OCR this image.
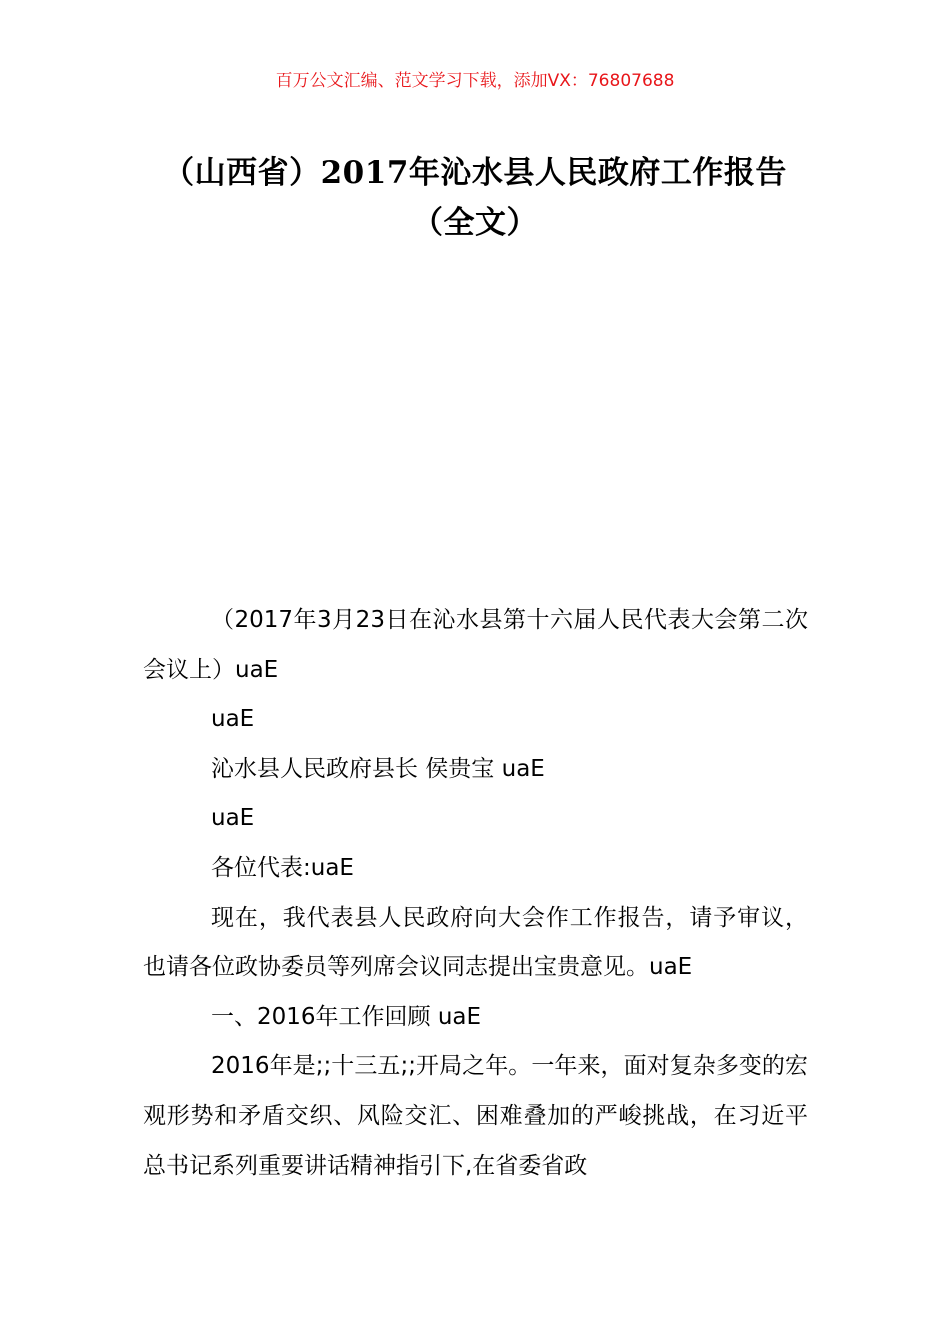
百万公文汇编、范文学习下载，添加VX：76807688
（山西省）2017年沁水县人民政府工作报告（全文）

（2017年3月23日在沁水县第十六届人民代表大会第二次会议上）uaE

uaE

沁水县人民政府县长 侯贵宝 uaE

uaE

各位代表:uaE

现在，我代表县人民政府向大会作工作报告，请予审议，也请各位政协委员等列席会议同志提出宝贵意见。uaE

一、2016年工作回顾 uaE

2016年是;;十三五;;开局之年。一年来，面对复杂多变的宏观形势和矛盾交织、风险交汇、困难叠加的严峻挑战，在习近平总书记系列重要讲话精神指引下,在省委省政
